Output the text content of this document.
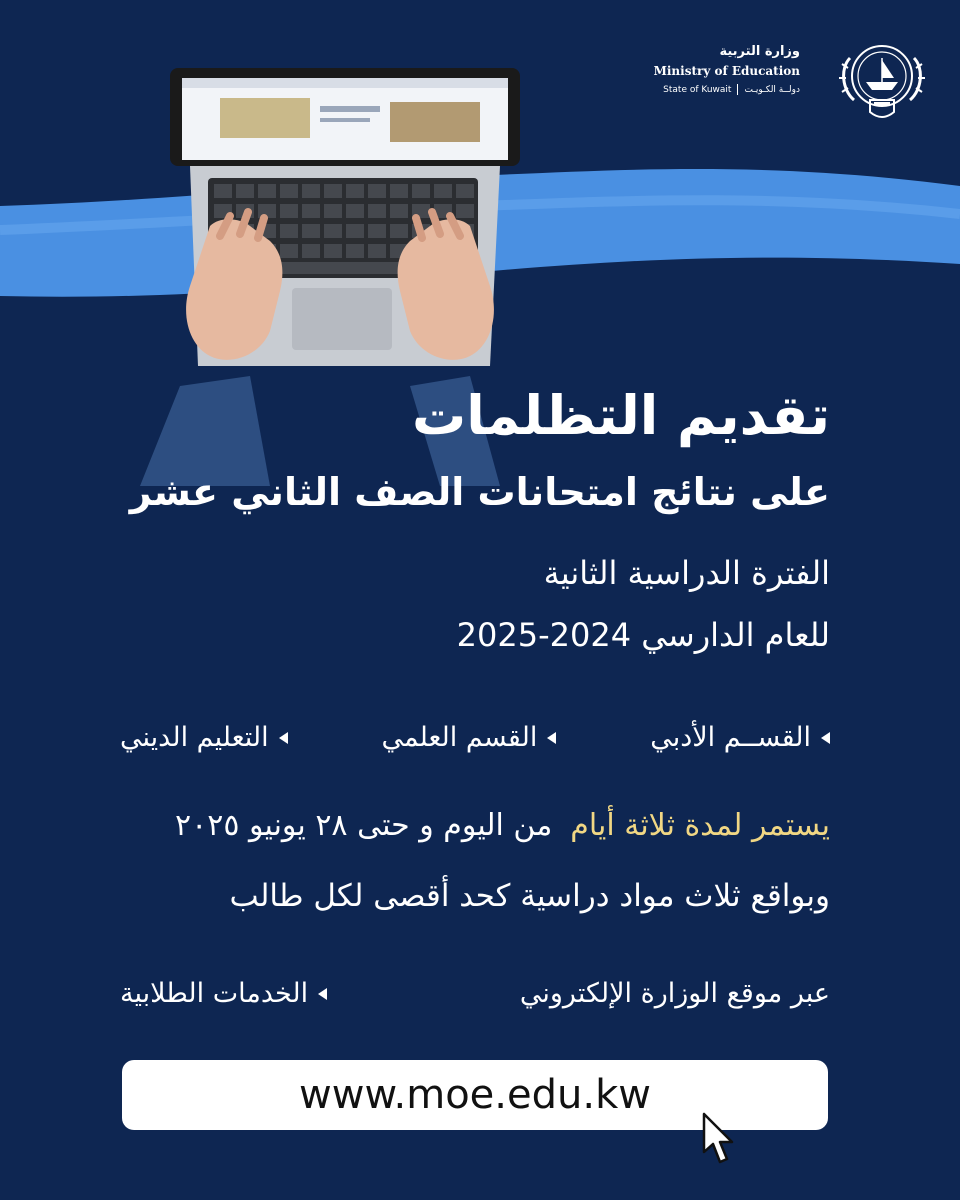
وزارة التربية
Ministry of Education
State of Kuwait دولــة الكـويـت
تقديم التظلمات
على نتائج امتحانات الصف الثاني عشر
الفترة الدراسية الثانية
للعام الدارسي 2024-2025
القســم الأدبي
القسم العلمي
التعليم الديني
يستمر لمدة ثلاثة أيام
من اليوم و حتى ٢٨ يونيو ٢٠٢٥
وبواقع ثلاث مواد دراسية كحد أقصى لكل طالب
عبر موقع الوزارة الإلكتروني
الخدمات الطلابية
www.moe.edu.kw
